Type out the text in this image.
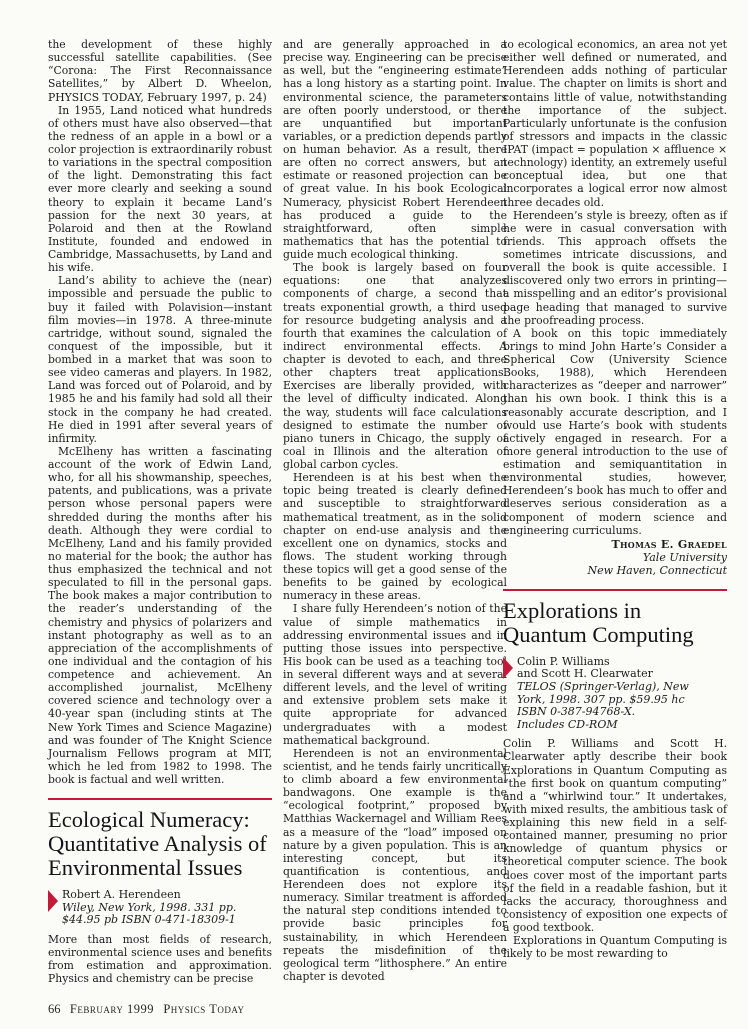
the development of these highly successful satellite capabilities. (See “Corona: The First Reconnaissance Satellites,” by Albert D. Wheelon, PHYSICS TODAY, February 1997, p. 24)

In 1955, Land noticed what hundreds of others must have also observed—that the redness of an apple in a bowl or a color projection is extraordinarily robust to variations in the spectral composition of the light. Demonstrating this fact ever more clearly and seeking a sound theory to explain it became Land’s passion for the next 30 years, at Polaroid and then at the Rowland Institute, founded and endowed in Cambridge, Massachusetts, by Land and his wife.

Land’s ability to achieve the (near) impossible and persuade the public to buy it failed with Polavision—instant film movies—in 1978. A three-minute cartridge, without sound, signaled the conquest of the impossible, but it bombed in a market that was soon to see video cameras and players. In 1982, Land was forced out of Polaroid, and by 1985 he and his family had sold all their stock in the company he had created. He died in 1991 after several years of infirmity.

McElheny has written a fascinating account of the work of Edwin Land, who, for all his showmanship, speeches, patents, and publications, was a private person whose personal papers were shredded during the months after his death. Although they were cordial to McElheny, Land and his family provided no material for the book; the author has thus emphasized the technical and not speculated to fill in the personal gaps. The book makes a major contribution to the reader’s understanding of the chemistry and physics of polarizers and instant photography as well as to an appreciation of the accomplishments of one individual and the contagion of his competence and achievement. An accomplished journalist, McElheny covered science and technology over a 40-year span (including stints at The New York Times and Science Magazine) and was founder of The Knight Science Journalism Fellows program at MIT, which he led from 1982 to 1998. The book is factual and well written.

Ecological Numeracy: Quantitative Analysis of Environmental Issues
Robert A. Herendeen
Wiley, New York, 1998. 331 pp.
$44.95 pb ISBN 0-471-18309-1

More than most fields of research, environmental science uses and benefits from estimation and approximation. Physics and chemistry can be precise

and are generally approached in a precise way. Engineering can be precise as well, but the “engineering estimate” has a long history as a starting point. In environmental science, the parameters are often poorly understood, or there are unquantified but important variables, or a prediction depends partly on human behavior. As a result, there are often no correct answers, but an estimate or reasoned projection can be of great value. In his book Ecological Numeracy, physicist Robert Herendeen has produced a guide to the straightforward, often simple mathematics that has the potential to guide much ecological thinking.

The book is largely based on four equations: one that analyzes components of charge, a second that treats exponential growth, a third used for resource budgeting analysis and a fourth that examines the calculation of indirect environmental effects. A chapter is devoted to each, and three other chapters treat applications. Exercises are liberally provided, with the level of difficulty indicated. Along the way, students will face calculations designed to estimate the number of piano tuners in Chicago, the supply of coal in Illinois and the alteration of global carbon cycles.

Herendeen is at his best when the topic being treated is clearly defined and susceptible to straightforward mathematical treatment, as in the solid chapter on end-use analysis and the excellent one on dynamics, stocks and flows. The student working through these topics will get a good sense of the benefits to be gained by ecological numeracy in these areas.

I share fully Herendeen’s notion of the value of simple mathematics in addressing environmental issues and in putting those issues into perspective. His book can be used as a teaching tool in several different ways and at several different levels, and the level of writing and extensive problem sets make it quite appropriate for advanced undergraduates with a modest mathematical background.

Herendeen is not an environmental scientist, and he tends fairly uncritically to climb aboard a few environmental bandwagons. One example is the “ecological footprint,” proposed by Matthias Wackernagel and William Rees as a measure of the “load” imposed on nature by a given population. This is an interesting concept, but its quantification is contentious, and Herendeen does not explore its numeracy. Similar treatment is afforded the natural step conditions intended to provide basic principles for sustainability, in which Herendeen repeats the misdefinition of the geological term “lithosphere.” An entire chapter is devoted

to ecological economics, an area not yet either well defined or numerated, and Herendeen adds nothing of particular value. The chapter on limits is short and contains little of value, notwithstanding the importance of the subject. Particularly unfortunate is the confusion of stressors and impacts in the classic IPAT (impact = population × affluence × technology) identity, an extremely useful conceptual idea, but one that incorporates a logical error now almost three decades old.

Herendeen’s style is breezy, often as if he were in casual conversation with friends. This approach offsets the sometimes intricate discussions, and overall the book is quite accessible. I discovered only two errors in printing—a misspelling and an editor’s provisional page heading that managed to survive the proofreading process.

A book on this topic immediately brings to mind John Harte’s Consider a Spherical Cow (University Science Books, 1988), which Herendeen characterizes as “deeper and narrower” than his own book. I think this is a reasonably accurate description, and I would use Harte’s book with students actively engaged in research. For a more general introduction to the use of estimation and semiquantitation in environmental studies, however, Herendeen’s book has much to offer and deserves serious consideration as a component of modern science and engineering curriculums.

Thomas E. Graedel
Yale University
New Haven, Connecticut
Explorations in Quantum Computing
Colin P. Williams
and Scott H. Clearwater
TELOS (Springer-Verlag), New
York, 1998. 307 pp. $59.95 hc
ISBN 0-387-94768-X.
Includes CD-ROM

Colin P. Williams and Scott H. Clearwater aptly describe their book Explorations in Quantum Computing as “the first book on quantum computing” and a “whirlwind tour.” It undertakes, with mixed results, the ambitious task of explaining this new field in a self-contained manner, presuming no prior knowledge of quantum physics or theoretical computer science. The book does cover most of the important parts of the field in a readable fashion, but it lacks the accuracy, thoroughness and consistency of exposition one expects of a good textbook.

Explorations in Quantum Computing is likely to be most rewarding to

66 February 1999 Physics Today
